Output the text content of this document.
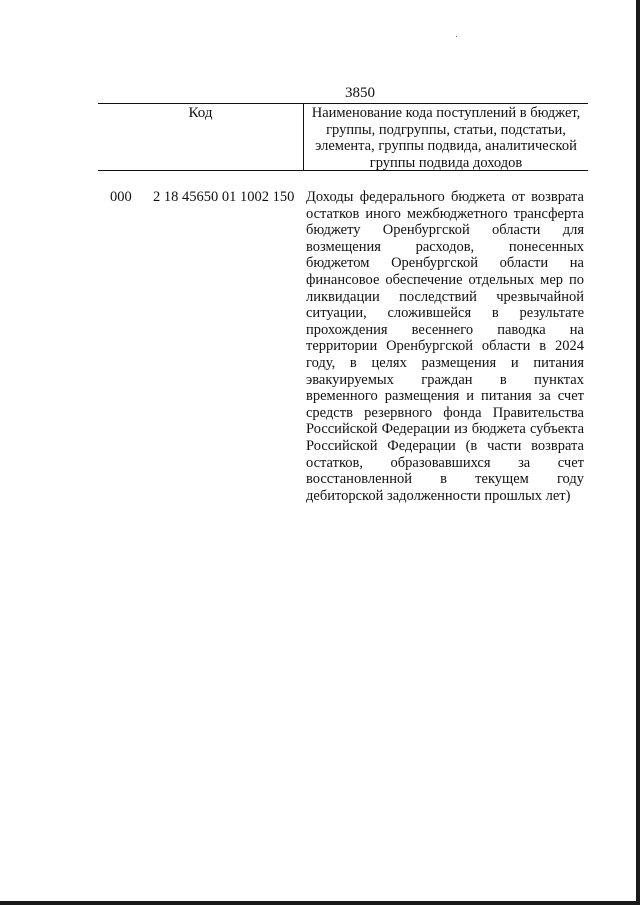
3850
Код	Наименование кода поступлений в бюджет, группы, подгруппы, статьи, подстатьи, элемента, группы подвида, аналитической группы подвида доходов
000 2 18 45650 01 1002 150 Доходы федерального бюджета от возврата остатков иного межбюджетного трансферта бюджету Оренбургской области для возмещения расходов, понесенных бюджетом Оренбургской области на финансовое обеспечение отдельных мер по ликвидации последствий чрезвычайной ситуации, сложившейся в результате прохождения весеннего паводка на территории Оренбургской области в 2024 году, в целях размещения и питания эвакуируемых граждан в пунктах временного размещения и питания за счет средств резервного фонда Правительства Российской Федерации из бюджета субъекта Российской Федерации (в части возврата остатков, образовавшихся за счет восстановленной в текущем году дебиторской задолженности прошлых лет)
